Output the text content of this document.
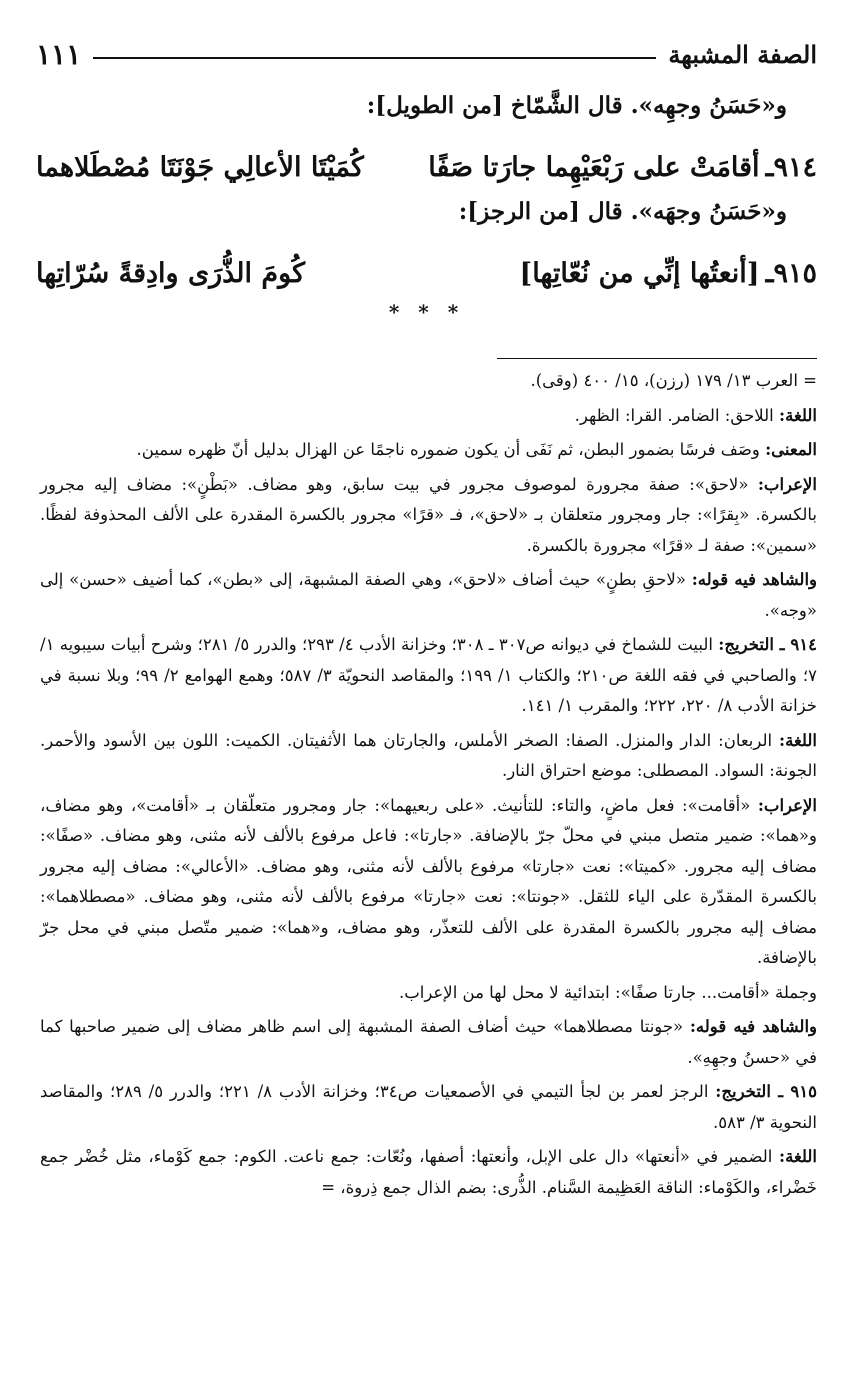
الصفة المشبهة
١١١
و«حَسَنُ وجهِه». قال الشَّمّاخ [من الطويل]:
٩١٤ـ
أقامَتْ على رَبْعَيْهِما جارَتا صَفًا
كُمَيْتَا الأعالِي جَوْنَتَا مُصْطَلاهما
و«حَسَنُ وجهَه». قال [من الرجز]:
٩١٥ـ
[أنعتُها إنِّي من نُعّاتِها]
كُومَ الذُّرَى وادِقةً سُرّاتِها
* * *

= العرب ١٣/ ١٧٩ (رزن)، ١٥/ ٤٠٠ (وقى).

اللغة: اللاحق: الضامر. القرا: الظهر.

المعنى: وصَف فرسًا بضمور البطن، ثم نَفَى أن يكون ضموره ناجمًا عن الهزال بدليل أنّ ظهره سمين.

الإعراب: «لاحق»: صفة مجرورة لموصوف مجرور في بيت سابق، وهو مضاف. «بَطْنٍ»: مضاف إليه مجرور بالكسرة. «بِقرًا»: جار ومجرور متعلقان بـ «لاحق»، فـ «قرًا» مجرور بالكسرة المقدرة على الألف المحذوفة لفظًا. «سمين»: صفة لـ «قرًا» مجرورة بالكسرة.

والشاهد فيه قوله: «لاحقِ بطنٍ» حيث أضاف «لاحق»، وهي الصفة المشبهة، إلى «بطن»، كما أضيف «حسن» إلى «وجه».

٩١٤ ـ التخريج: البيت للشماخ في ديوانه ص٣٠٧ ـ ٣٠٨؛ وخزانة الأدب ٤/ ٢٩٣؛ والدرر ٥/ ٢٨١؛ وشرح أبيات سيبويه ١/ ٧؛ والصاحبي في فقه اللغة ص٢١٠؛ والكتاب ١/ ١٩٩؛ والمقاصد النحويّة ٣/ ٥٨٧؛ وهمع الهوامع ٢/ ٩٩؛ وبلا نسبة في خزانة الأدب ٨/ ٢٢٠، ٢٢٢؛ والمقرب ١/ ١٤١.

اللغة: الربعان: الدار والمنزل. الصفا: الصخر الأملس، والجارتان هما الأثفيتان. الكميت: اللون بين الأسود والأحمر. الجونة: السواد. المصطلى: موضع احتراق النار.

الإعراب: «أقامت»: فعل ماضٍ، والتاء: للتأنيث. «على ربعيهما»: جار ومجرور متعلّقان بـ «أقامت»، وهو مضاف، و«هما»: ضمير متصل مبني في محلّ جرّ بالإضافة. «جارتا»: فاعل مرفوع بالألف لأنه مثنى، وهو مضاف. «صفًا»: مضاف إليه مجرور. «كميتا»: نعت «جارتا» مرفوع بالألف لأنه مثنى، وهو مضاف. «الأعالي»: مضاف إليه مجرور بالكسرة المقدّرة على الياء للثقل. «جونتا»: نعت «جارتا» مرفوع بالألف لأنه مثنى، وهو مضاف. «مصطلاهما»: مضاف إليه مجرور بالكسرة المقدرة على الألف للتعذّر، وهو مضاف، و«هما»: ضمير متّصل مبني في محل جرّ بالإضافة.

وجملة «أقامت... جارتا صفًا»: ابتدائية لا محل لها من الإعراب.

والشاهد فيه قوله: «جونتا مصطلاهما» حيث أضاف الصفة المشبهة إلى اسم ظاهر مضاف إلى ضمير صاحبها كما في «حسنُ وجهِهِ».

٩١٥ ـ التخريج: الرجز لعمر بن لجأ التيمي في الأصمعيات ص٣٤؛ وخزانة الأدب ٨/ ٢٢١؛ والدرر ٥/ ٢٨٩؛ والمقاصد النحوية ٣/ ٥٨٣.

اللغة: الضمير في «أنعتها» دال على الإبل، وأنعتها: أصفها، ونُعّات: جمع ناعت. الكوم: جمع كَوْماء، مثل خُضْر جمع خَضْراء، والكَوْماء: الناقة العَظِيمة السَّنام. الذُّرى: بضم الذال جمع ذِروة، =
